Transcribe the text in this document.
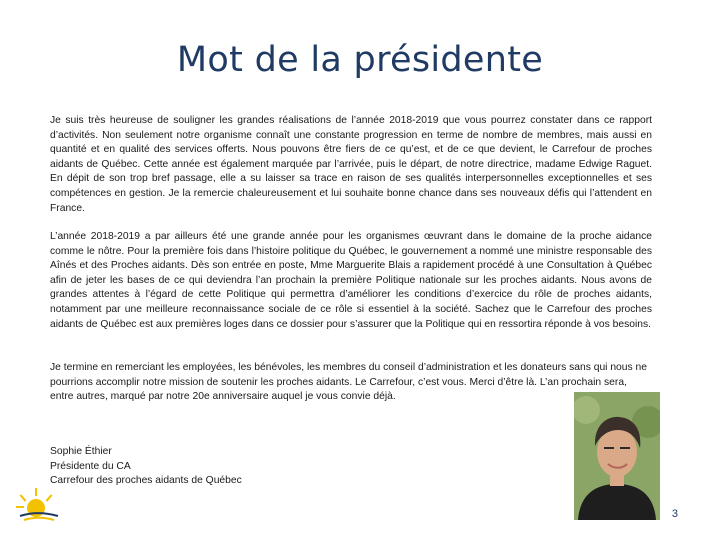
Mot de la présidente

Je suis très heureuse de souligner les grandes réalisations de l’année 2018-2019 que vous pourrez constater dans ce rapport d’activités. Non seulement notre organisme connaît une constante progression en terme de nombre de membres, mais aussi en quantité et en qualité des services offerts. Nous pouvons être fiers de ce qu’est, et de ce que devient, le Carrefour de proches aidants de Québec. Cette année est également marquée par l’arrivée, puis le départ, de notre directrice, madame Edwige Raguet. En dépit de son trop bref passage, elle a su laisser sa trace en raison de ses qualités interpersonnelles exceptionnelles et ses compétences en gestion. Je la remercie chaleureusement et lui souhaite bonne chance dans ses nouveaux défis qui l’attendent en France.

L’année 2018-2019 a par ailleurs été une grande année pour les organismes œuvrant dans le domaine de la proche aidance comme le nôtre. Pour la première fois dans l’histoire politique du Québec, le gouvernement a nommé une ministre responsable des Aînés et des Proches aidants. Dès son entrée en poste, Mme Marguerite Blais a rapidement procédé à une Consultation à Québec afin de jeter les bases de ce qui deviendra l’an prochain la première Politique nationale sur les proches aidants. Nous avons de grandes attentes à l’égard de cette Politique qui permettra d’améliorer les conditions d’exercice du rôle de proches aidants, notamment par une meilleure reconnaissance sociale de ce rôle si essentiel à la société. Sachez que le Carrefour des proches aidants de Québec est aux premières loges dans ce dossier pour s’assurer que la Politique qui en ressortira réponde à vos besoins.

Je termine en remerciant les employées, les bénévoles, les membres du conseil d’administration et les donateurs sans qui nous ne pourrions accomplir notre mission de soutenir les proches aidants. Le Carrefour, c’est vous. Merci d’être là. L’an prochain sera, entre autres, marqué par notre 20e anniversaire auquel je vous convie déjà.

Sophie Éthier
Présidente du CA
Carrefour des proches aidants de Québec
3
